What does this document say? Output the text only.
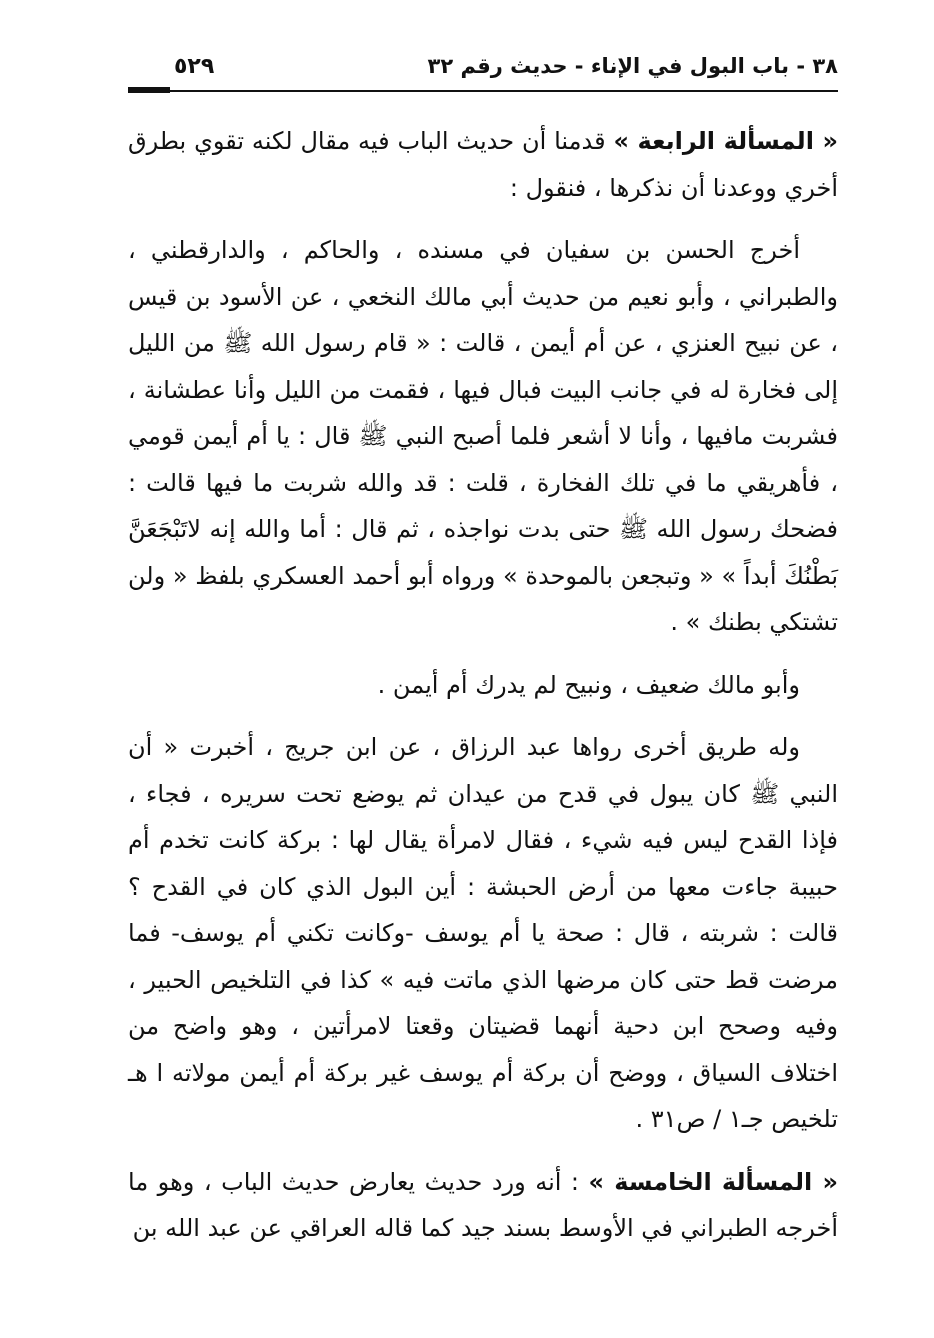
٣٨ - باب البول في الإناء - حديث رقم ٣٢
٥٢٩

« المسألة الرابعة » قدمنا أن حديث الباب فيه مقال لكنه تقوي بطرق أخري ووعدنا أن نذكرها ، فنقول :

أخرج الحسن بن سفيان في مسنده ، والحاكم ، والدارقطني ، والطبراني ، وأبو نعيم من حديث أبي مالك النخعي ، عن الأسود بن قيس ، عن نبيح العنزي ، عن أم أيمن ، قالت : « قام رسول الله ﷺ من الليل إلى فخارة له في جانب البيت فبال فيها ، فقمت من الليل وأنا عطشانة ، فشربت مافيها ، وأنا لا أشعر فلما أصبح النبي ﷺ قال : يا أم أيمن قومي ، فأهريقي ما في تلك الفخارة ، قلت : قد والله شربت ما فيها قالت : فضحك رسول الله ﷺ حتى بدت نواجذه ، ثم قال : أما والله إنه لاتَبْجَعَنَّ بَطْنُكَ أبداً » « وتبجعن بالموحدة » ورواه أبو أحمد العسكري بلفظ « ولن تشتكي بطنك » .

وأبو مالك ضعيف ، ونبيح لم يدرك أم أيمن .

وله طريق أخرى رواها عبد الرزاق ، عن ابن جريج ، أخبرت « أن النبي ﷺ كان يبول في قدح من عيدان ثم يوضع تحت سريره ، فجاء ، فإذا القدح ليس فيه شيء ، فقال لامرأة يقال لها : بركة كانت تخدم أم حبيبة جاءت معها من أرض الحبشة : أين البول الذي كان في القدح ؟ قالت : شربته ، قال : صحة يا أم يوسف -وكانت تكني أم يوسف- فما مرضت قط حتى كان مرضها الذي ماتت فيه » كذا في التلخيص الحبير ، وفيه وصحح ابن دحية أنهما قضيتان وقعتا لامرأتين ، وهو واضح من اختلاف السياق ، ووضح أن بركة أم يوسف غير بركة أم أيمن مولاته ا هـ تلخيص جـ١ / ص٣١ .

« المسألة الخامسة » : أنه ورد حديث يعارض حديث الباب ، وهو ما أخرجه الطبراني في الأوسط بسند جيد كما قاله العراقي عن عبد الله بن
